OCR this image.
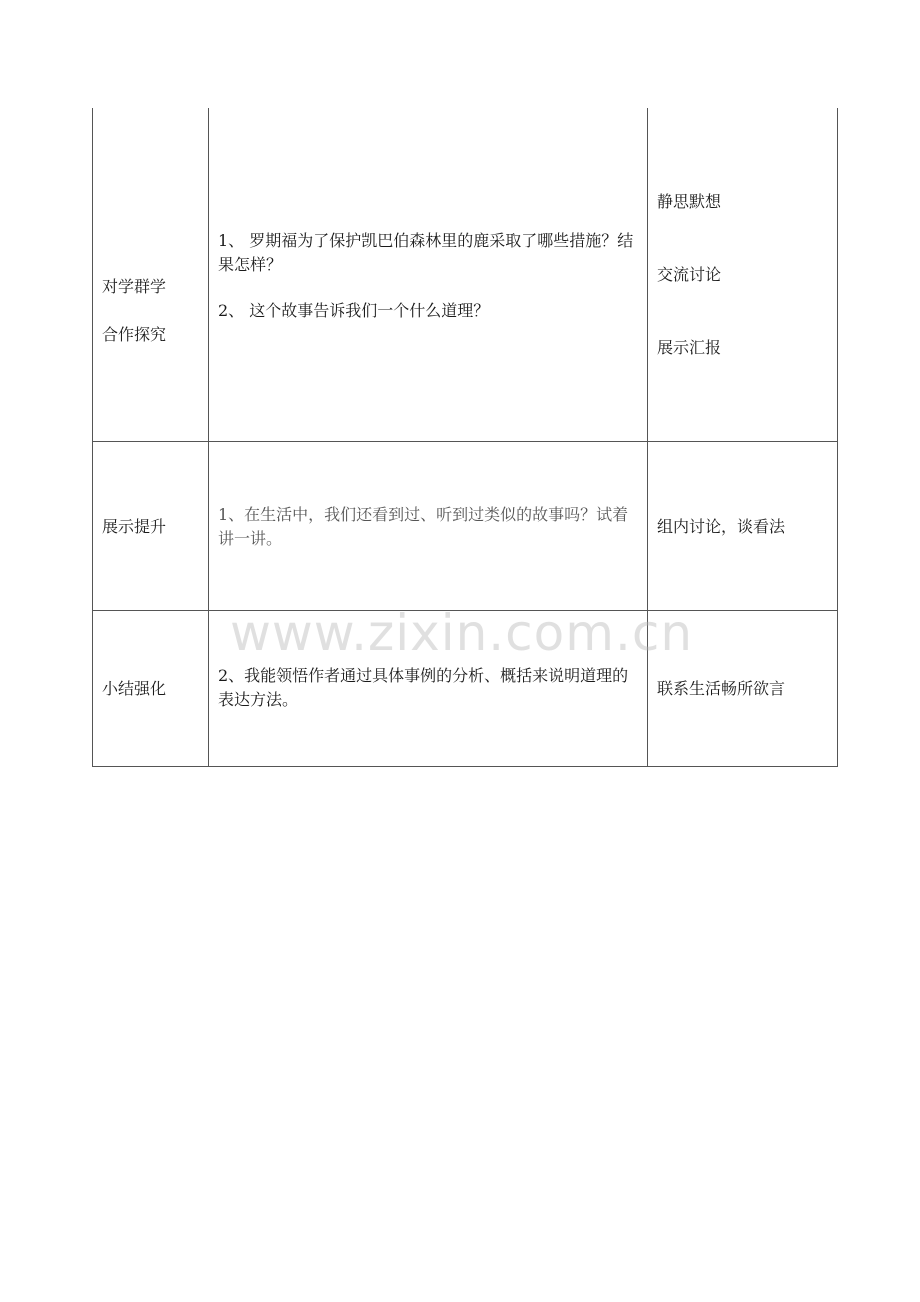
对学群学
合作探究
1、 罗期福为了保护凯巴伯森林里的鹿采取了哪些措施？结果怎样？
2、 这个故事告诉我们一个什么道理？
静思默想
交流讨论
展示汇报
展示提升
1、在生活中，我们还看到过、听到过类似的故事吗？试着讲一讲。
组内讨论，谈看法
小结强化
2、我能领悟作者通过具体事例的分析、概括来说明道理的表达方法。
联系生活畅所欲言
www.zixin.com.cn
